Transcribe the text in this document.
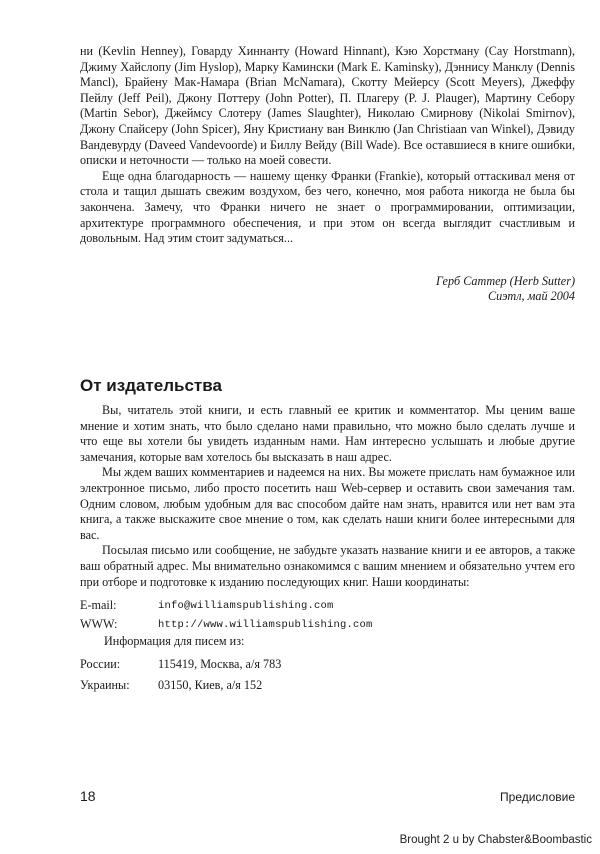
ни (Kevlin Henney), Говарду Хиннанту (Howard Hinnant), Кэю Хорстману (Cay Horstmann), Джиму Хайслопу (Jim Hyslop), Марку Камински (Mark E. Kaminsky), Дэннису Манклу (Dennis Mancl), Брайену Мак-Намара (Brian McNamara), Скотту Мейерсу (Scott Meyers), Джеффу Пейлу (Jeff Peil), Джону Поттеру (John Potter), П. Плагеру (P. J. Plauger), Мартину Себору (Martin Sebor), Джеймсу Слотеру (James Slaughter), Николаю Смирнову (Nikolai Smirnov), Джону Спайсеру (John Spicer), Яну Кристиану ван Винклю (Jan Christiaan van Winkel), Дэвиду Вандевурду (Daveed Vandevoorde) и Биллу Вейду (Bill Wade). Все оставшиеся в книге ошибки, описки и неточности — только на моей совести.

Еще одна благодарность — нашему щенку Франки (Frankie), который оттаскивал меня от стола и тащил дышать свежим воздухом, без чего, конечно, моя работа никогда не была бы закончена. Замечу, что Франки ничего не знает о программировании, оптимизации, архитектуре программного обеспечения, и при этом он всегда выглядит счастливым и довольным. Над этим стоит задуматься...

Герб Саттер (Herb Sutter)
Сиэтл, май 2004
От издательства

Вы, читатель этой книги, и есть главный ее критик и комментатор. Мы ценим ваше мнение и хотим знать, что было сделано нами правильно, что можно было сделать лучше и что еще вы хотели бы увидеть изданным нами. Нам интересно услышать и любые другие замечания, которые вам хотелось бы высказать в наш адрес.

Мы ждем ваших комментариев и надеемся на них. Вы можете прислать нам бумажное или электронное письмо, либо просто посетить наш Web-сервер и оставить свои замечания там. Одним словом, любым удобным для вас способом дайте нам знать, нравится или нет вам эта книга, а также выскажите свое мнение о том, как сделать наши книги более интересными для вас.

Посылая письмо или сообщение, не забудьте указать название книги и ее авторов, а также ваш обратный адрес. Мы внимательно ознакомимся с вашим мнением и обязательно учтем его при отборе и подготовке к изданию последующих книг. Наши координаты:

E-mail:	info@williamspublishing.com
WWW:	http://www.williamspublishing.com
Информация для писем из:
России:	115419, Москва, а/я 783
Украины:	03150, Киев, а/я 152
18	Предисловие
Brought 2 u by Chabster&Boombastic
